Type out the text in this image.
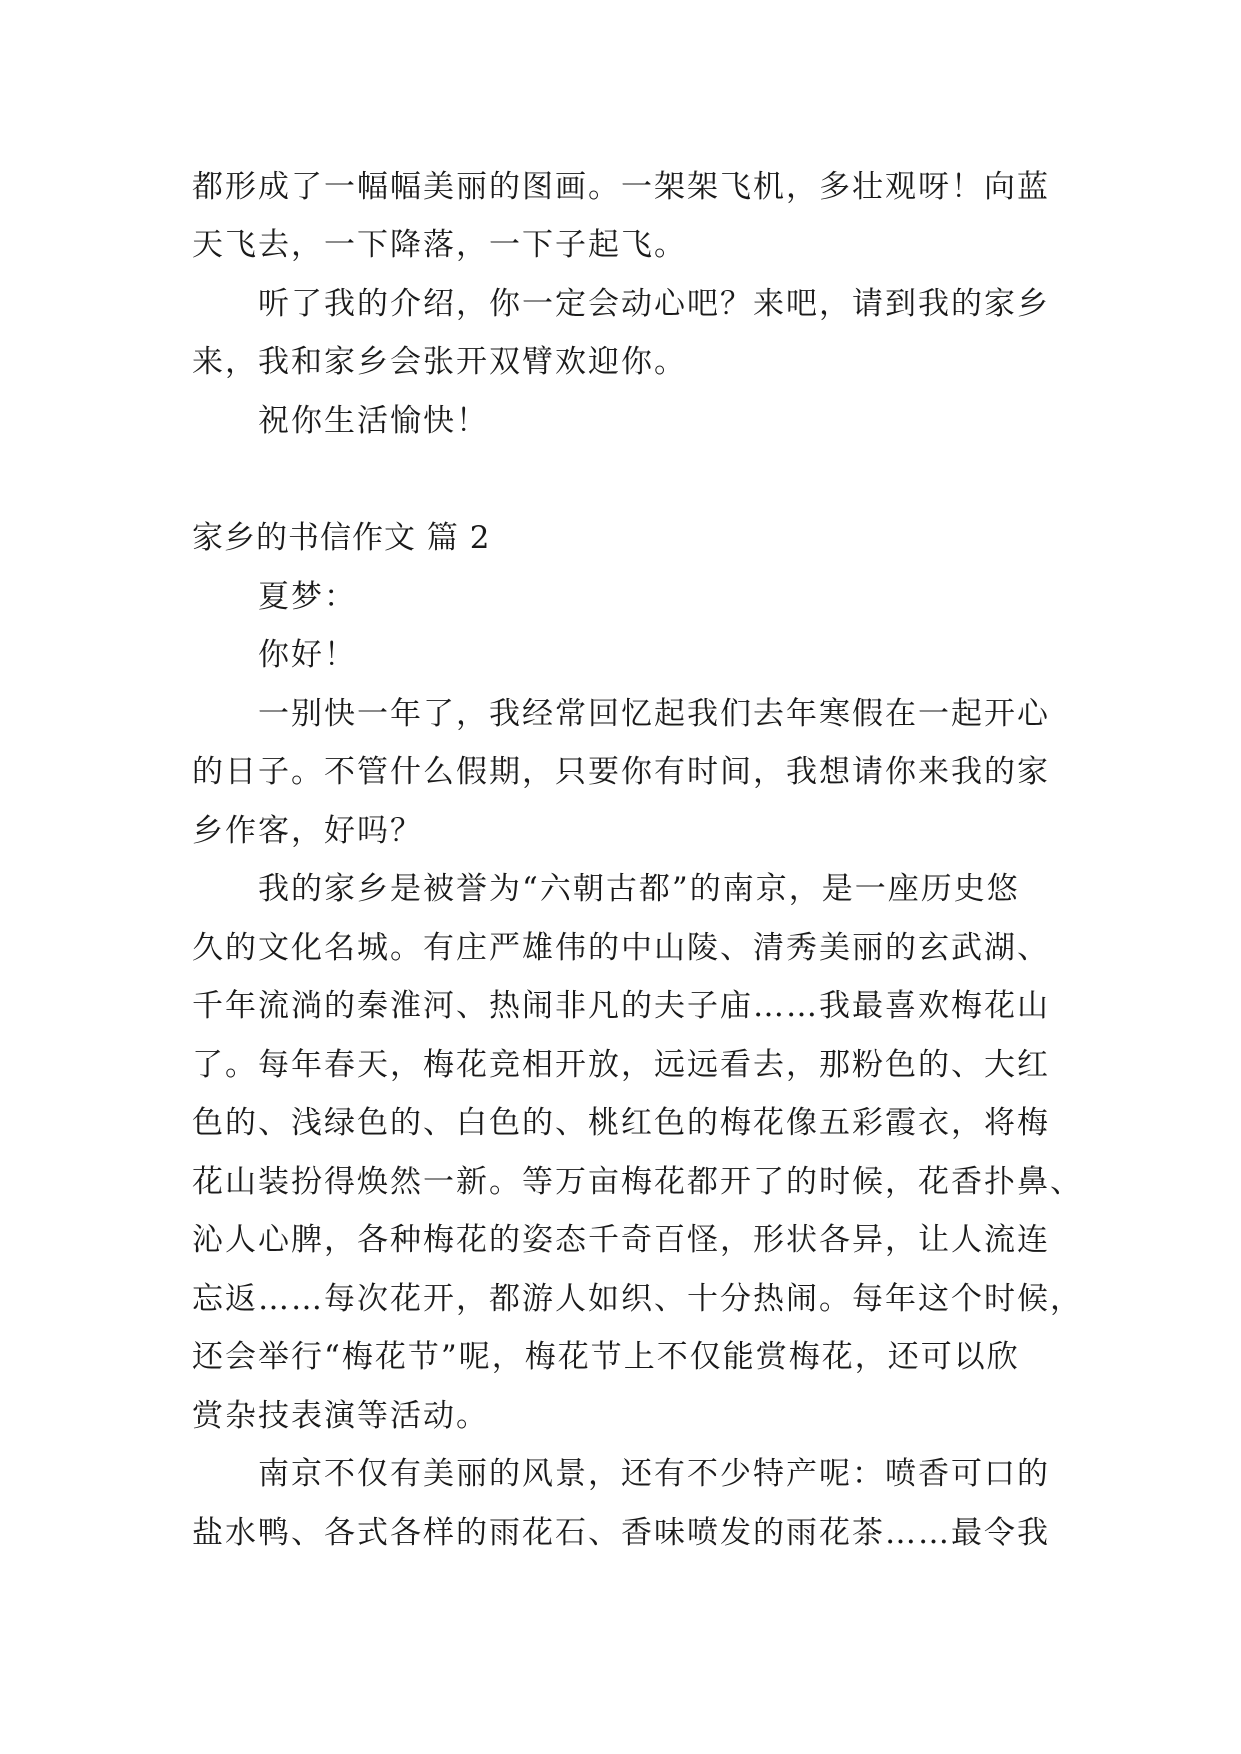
都形成了一幅幅美丽的图画。一架架飞机，多壮观呀！向蓝
天飞去，一下降落，一下子起飞。
听了我的介绍，你一定会动心吧？来吧，请到我的家乡
来，我和家乡会张开双臂欢迎你。
祝你生活愉快！
家乡的书信作文 篇 2
夏梦：
你好！
一别快一年了，我经常回忆起我们去年寒假在一起开心
的日子。不管什么假期，只要你有时间，我想请你来我的家
乡作客，好吗？
我的家乡是被誉为“六朝古都”的南京，是一座历史悠
久的文化名城。有庄严雄伟的中山陵、清秀美丽的玄武湖、
千年流淌的秦淮河、热闹非凡的夫子庙……我最喜欢梅花山
了。每年春天，梅花竞相开放，远远看去，那粉色的、大红
色的、浅绿色的、白色的、桃红色的梅花像五彩霞衣，将梅
花山装扮得焕然一新。等万亩梅花都开了的时候，花香扑鼻、
沁人心脾，各种梅花的姿态千奇百怪，形状各异，让人流连
忘返……每次花开，都游人如织、十分热闹。每年这个时候，
还会举行“梅花节”呢，梅花节上不仅能赏梅花，还可以欣
赏杂技表演等活动。
南京不仅有美丽的风景，还有不少特产呢：喷香可口的
盐水鸭、各式各样的雨花石、香味喷发的雨花茶……最令我
